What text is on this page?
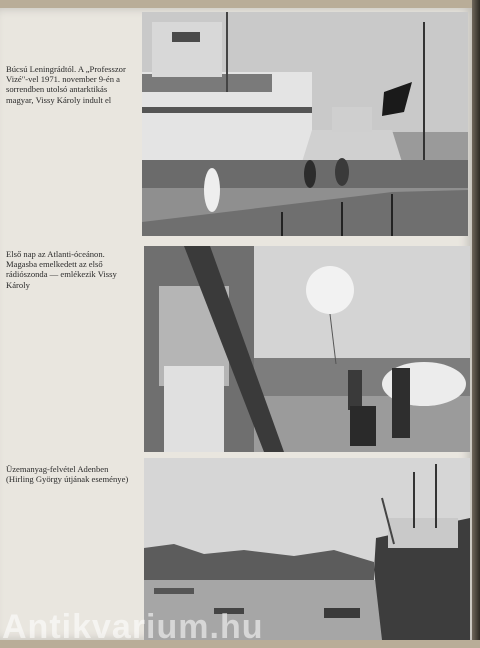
Búcsú Leningrádtól. A „Professzor Vizé"-vel 1971. november 9-én a sorrendben utolsó antarktikás magyar, Vissy Károly indult el
Első nap az Atlanti-óceánon. Magasba emelkedett az első rádiószonda — emlékezik Vissy Károly
Üzemanyag-felvétel Adenben (Hirling György útjának eseménye)
Antikvarium.hu
